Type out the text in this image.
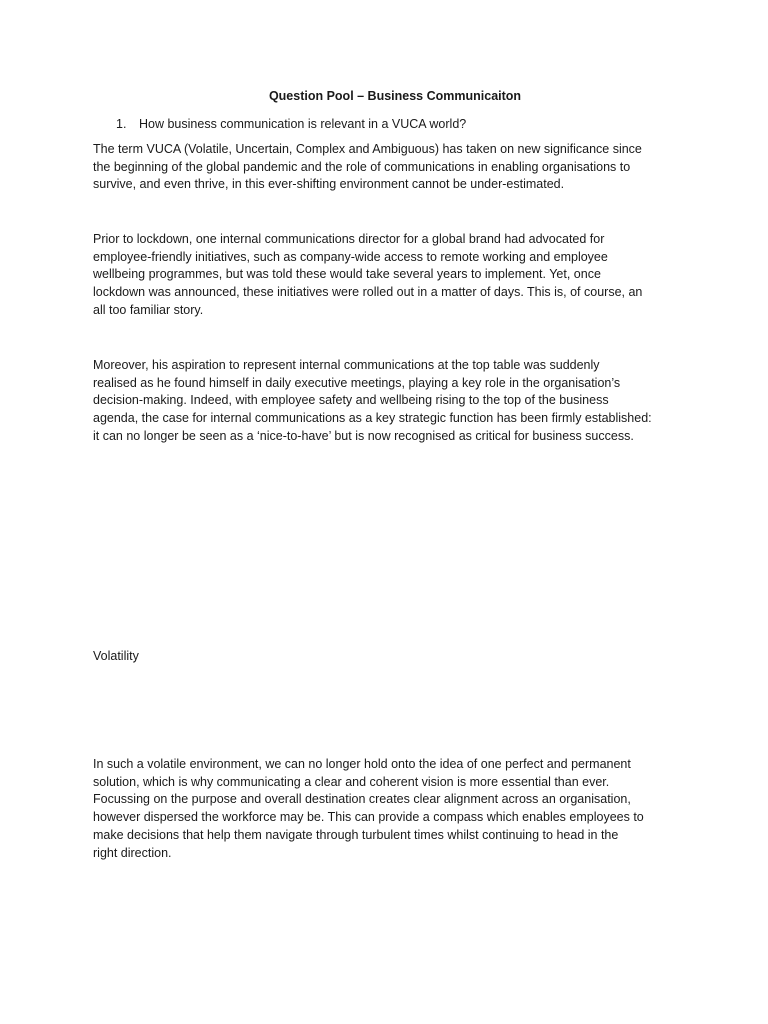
Question Pool – Business Communicaiton
1. How business communication is relevant in a VUCA world?

The term VUCA (Volatile, Uncertain, Complex and Ambiguous) has taken on new significance since
the beginning of the global pandemic and the role of communications in enabling organisations to
survive, and even thrive, in this ever-shifting environment cannot be under-estimated.

Prior to lockdown, one internal communications director for a global brand had advocated for
employee-friendly initiatives, such as company-wide access to remote working and employee
wellbeing programmes, but was told these would take several years to implement. Yet, once
lockdown was announced, these initiatives were rolled out in a matter of days. This is, of course, an
all too familiar story.

Moreover, his aspiration to represent internal communications at the top table was suddenly
realised as he found himself in daily executive meetings, playing a key role in the organisation’s
decision-making. Indeed, with employee safety and wellbeing rising to the top of the business
agenda, the case for internal communications as a key strategic function has been firmly established:
it can no longer be seen as a ‘nice-to-have’ but is now recognised as critical for business success.

Volatility

In such a volatile environment, we can no longer hold onto the idea of one perfect and permanent
solution, which is why communicating a clear and coherent vision is more essential than ever.
Focussing on the purpose and overall destination creates clear alignment across an organisation,
however dispersed the workforce may be. This can provide a compass which enables employees to
make decisions that help them navigate through turbulent times whilst continuing to head in the
right direction.
